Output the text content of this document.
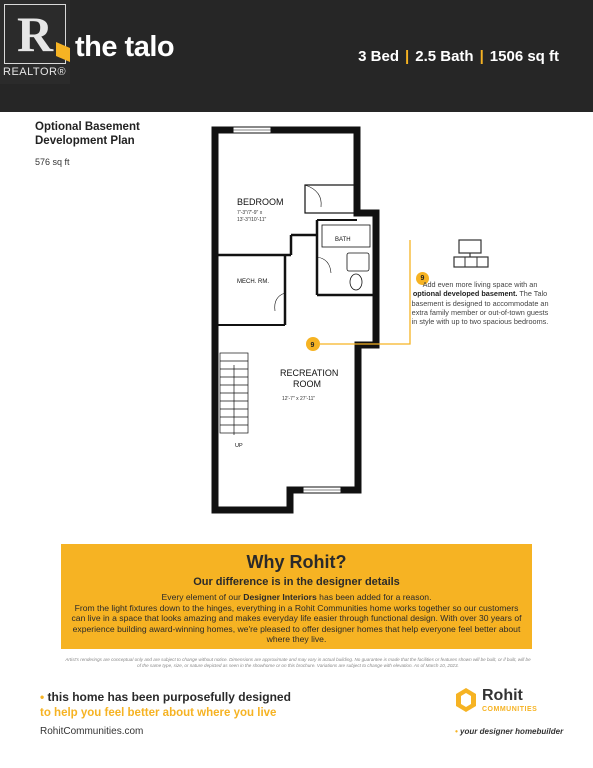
R
REALTOR®
the talo	3 Bed | 2.5 Bath | 1506 sq ft
Optional Basement Development Plan
576 sq ft
BEDROOM
7'-3"/7'-9" x
13'-3"/10'-11"
BATH
MECH. RM.
RECREATION
ROOM
12'-7" x 27'-11"
UP
9
9
Add even more living space with an optional developed basement. The Talo basement is designed to accommodate an extra family member or out-of-town guests in style with up to two spacious bedrooms.
Why Rohit?
Our difference is in the designer details
Every element of our Designer Interiors has been added for a reason.
From the light fixtures down to the hinges, everything in a Rohit Communities home works together so our customers can live in a space that looks amazing and makes everyday life easier through functional design. With over 30 years of experience building award-winning homes, we're pleased to offer designer homes that help everyone feel better about where they live.
Artist's renderings are conceptual only and are subject to change without notice. Dimensions are approximate and may vary in actual building. No guarantee is made that the facilities or features shown will be built, or if built, will be of the same type, size, or nature depicted as seen in the showhome or on this brochure. Variations are subject to change with elevation. As of March 10, 2023.
• this home has been purposefully designed
to help you feel better about where you live
RohitCommunities.com
Rohit
COMMUNITIES
• your designer homebuilder
